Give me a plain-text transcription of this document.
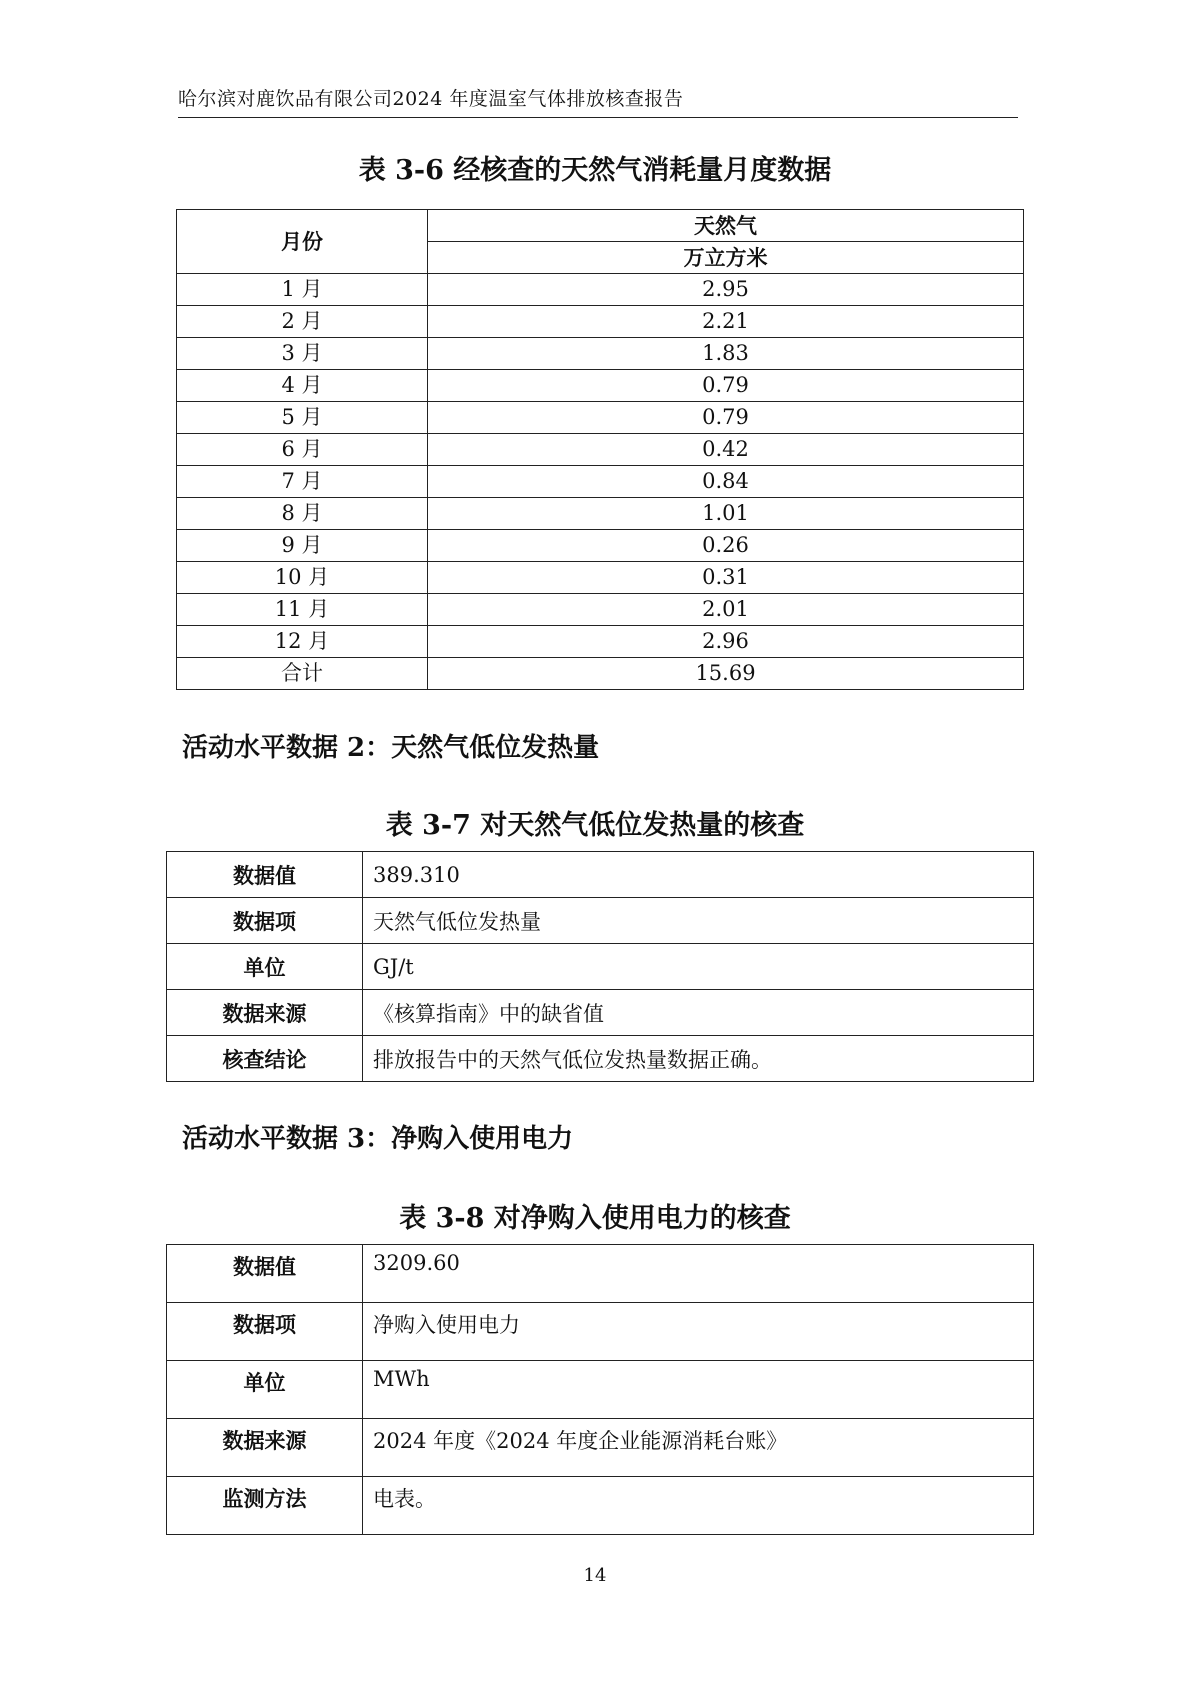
哈尔滨对鹿饮品有限公司2024 年度温室气体排放核查报告
表 3-6 经核查的天然气消耗量月度数据
月份	天然气
	万立方米
1 月	2.95
2 月	2.21
3 月	1.83
4 月	0.79
5 月	0.79
6 月	0.42
7 月	0.84
8 月	1.01
9 月	0.26
10 月	0.31
11 月	2.01
12 月	2.96
合计	15.69
活动水平数据 2：天然气低位发热量
表 3-7 对天然气低位发热量的核查
数据值	389.310
数据项	天然气低位发热量
单位	GJ/t
数据来源	《核算指南》中的缺省值
核查结论	排放报告中的天然气低位发热量数据正确。
活动水平数据 3：净购入使用电力
表 3-8 对净购入使用电力的核查
数据值	3209.60
数据项	净购入使用电力
单位	MWh
数据来源	2024 年度《2024 年度企业能源消耗台账》
监测方法	电表。
14
